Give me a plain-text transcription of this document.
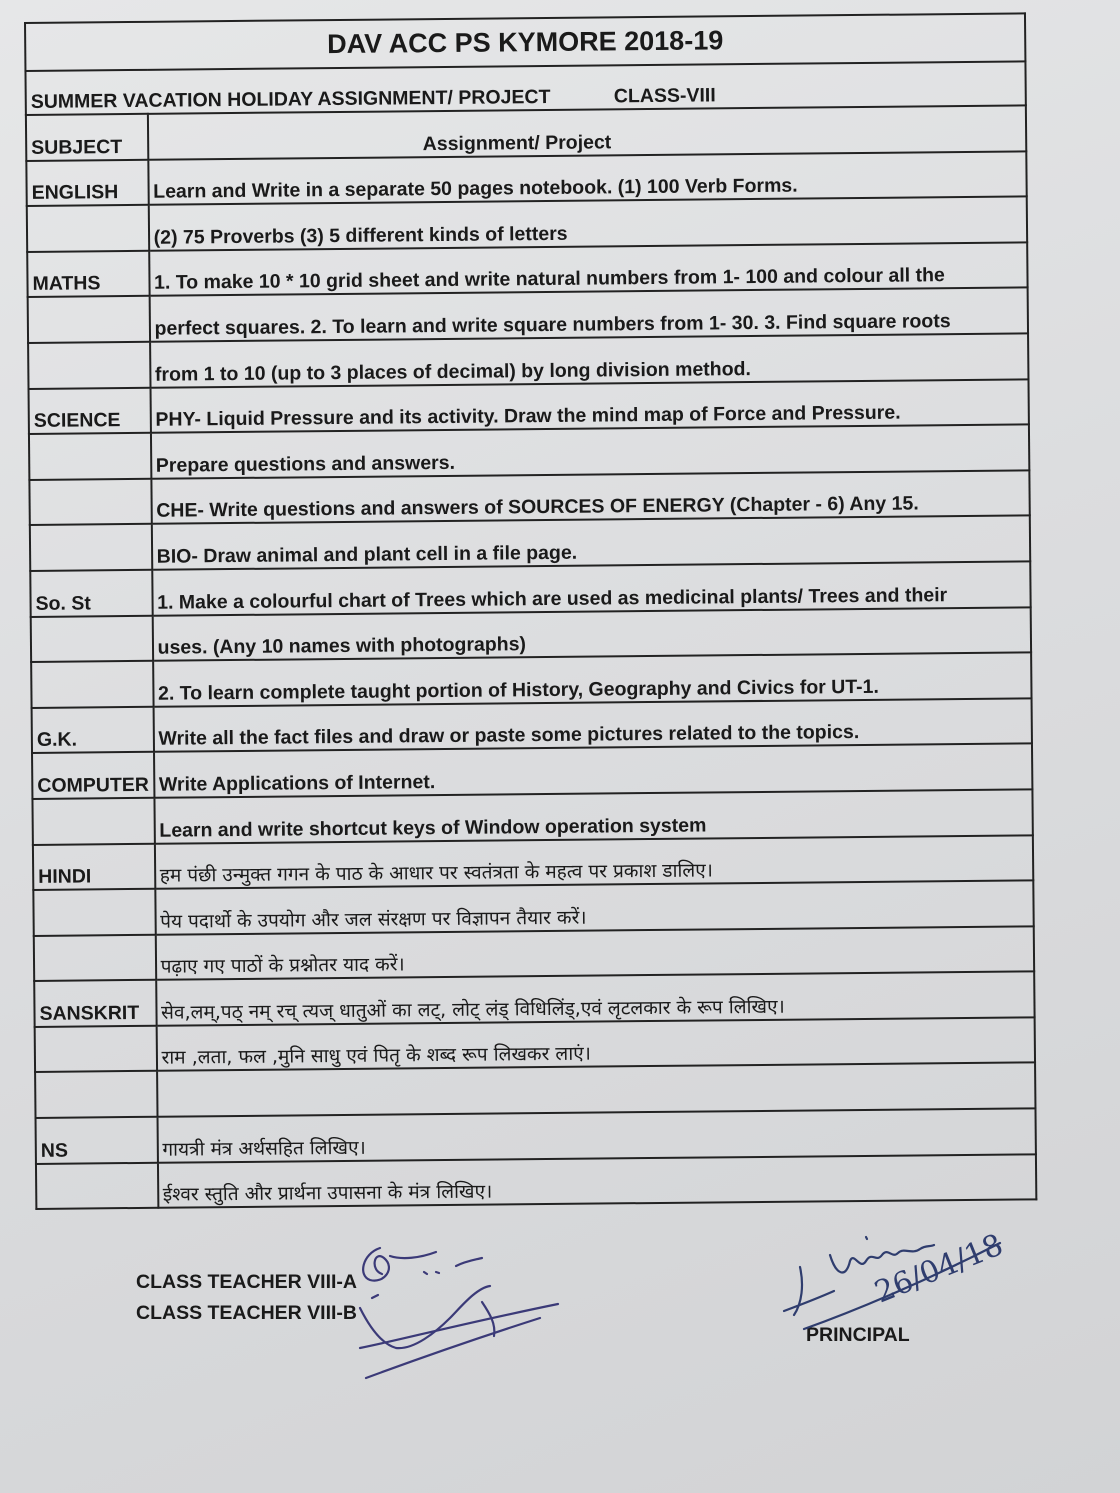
DAV ACC PS KYMORE 2018-19	
SUMMER VACATION HOLIDAY ASSIGNMENT/ PROJECT CLASS-VIII	
SUBJECT	Assignment/ Project

ENGLISH	Learn and Write in a separate 50 pages notebook. (1) 100 Verb Forms.
	(2) 75 Proverbs (3) 5 different kinds of letters
MATHS	1. To make 10 * 10 grid sheet and write natural numbers from 1- 100 and colour all the
	perfect squares. 2. To learn and write square numbers from 1- 30. 3. Find square roots
	from 1 to 10 (up to 3 places of decimal) by long division method.
SCIENCE	PHY- Liquid Pressure and its activity. Draw the mind map of Force and Pressure.
	Prepare questions and answers.
	CHE- Write questions and answers of SOURCES OF ENERGY (Chapter - 6) Any 15.
	BIO- Draw animal and plant cell in a file page.
So. St	1. Make a colourful chart of Trees which are used as medicinal plants/ Trees and their
	uses. (Any 10 names with photographs)
	2. To learn complete taught portion of History, Geography and Civics for UT-1.
G.K.	Write all the fact files and draw or paste some pictures related to the topics.
COMPUTER	Write Applications of Internet.
	Learn and write shortcut keys of Window operation system
HINDI	हम पंछी उन्मुक्त गगन के पाठ के आधार पर स्वतंत्रता के महत्व पर प्रकाश डालिए।
	पेय पदार्थो के उपयोग और जल संरक्षण पर विज्ञापन तैयार करें।
	पढ़ाए गए पाठों के प्रश्नोतर याद करें।
SANSKRIT	सेव,लम्,पठ् नम् रच् त्यज् धातुओं का लट्, लोट् लंड् विधिलिंड्,एवं लृटलकार के रूप लिखिए।
	राम ,लता, फल ,मुनि साधु एवं पितृ के शब्द रूप लिखकर लाएं।

NS	गायत्री मंत्र अर्थसहित लिखिए।
	ईश्वर स्तुति और प्रार्थना उपासना के मंत्र लिखिए।
CLASS TEACHER VIII-A
CLASS TEACHER VIII-B
PRINCIPAL
26/04/18
